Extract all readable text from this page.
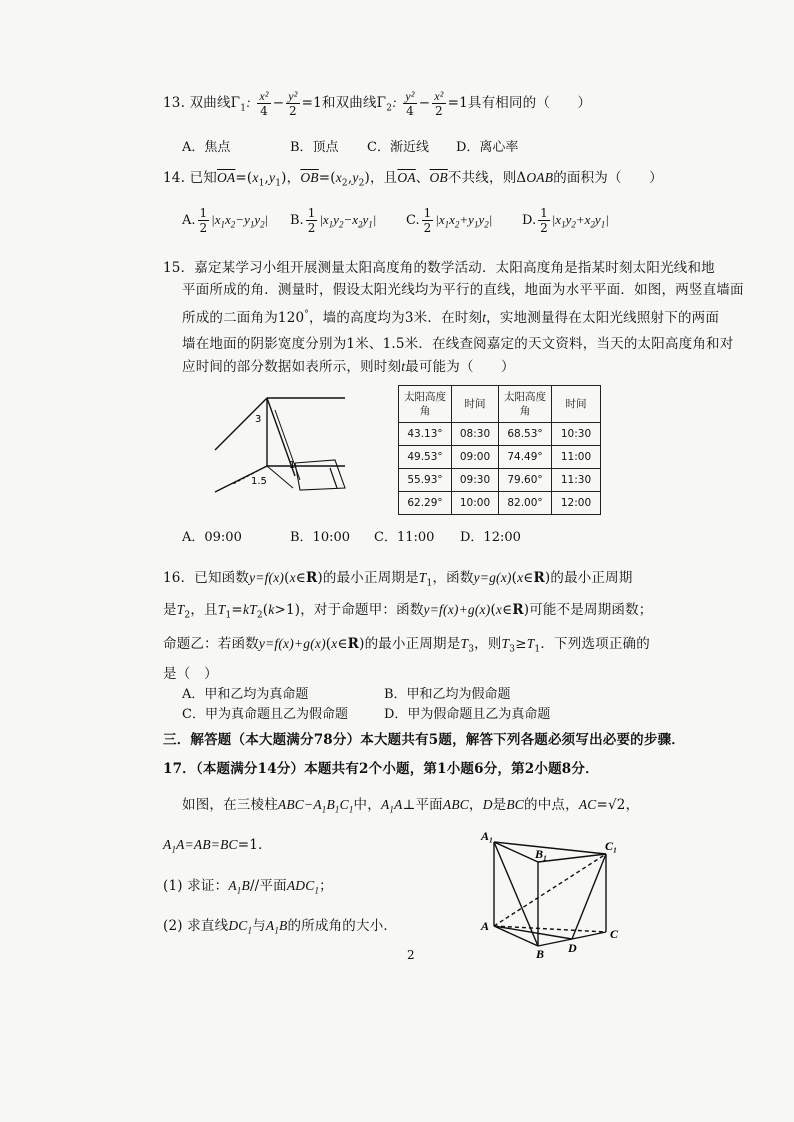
13. 双曲线$\Gamma_1$: $\frac{\text{x²}}{4} - \frac{\text{y²}}{2} =1$和双曲线$\Gamma_2$: $\frac{\text{y²}}{4} - \frac{\text{x²}}{2} =1$具有相同的（　　）
A．焦点	B．顶点 C．渐近线 D．离心率
14. 已知$\overline{OA}=(x_1,y_1)$，$\overline{OB}=(x_2,y_2)$，且$\overline{OA}$、$\overline{OB}$不共线，则ΔOAB的面积为（　　）
A. $\frac{1}{2} |x_1x_2-y_1y_2|$ B. $\frac{1}{2} |x_1y_2-x_2y_1|$ C. $\frac{1}{2} |x_1x_2+y_1y_2|$ D. $\frac{1}{2} |x_1y_2+x_2y_1|$
15．嘉定某学习小组开展测量太阳高度角的数学活动．太阳高度角是指某时刻太阳光线和地
平面所成的角．测量时，假设太阳光线均为平行的直线，地面为水平平面．如图，两竖直墙面
所成的二面角为120°，墙的高度均为3米．在时刻t，实地测量得在太阳光线照射下的两面
墙在地面的阴影宽度分别为1米、1.5米．在线查阅嘉定的天文资料，当天的太阳高度角和对
应时间的部分数据如表所示，则时刻t最可能为（　　）
3
1
1.5
太阳高度角	时间	太阳高度角	时间
43.13°	08:30	68.53°	10:30
49.53°	09:00	74.49°	11:00
55.93°	09:30	79.60°	11:30
62.29°	10:00	82.00°	12:00
A．09:00	B．10:00 C．11:00 D．12:00
16．已知函数y=f(x)(x∈R)的最小正周期是$T_1$，函数y=g(x)(x∈R)的最小正周期
是$T_2$，且$T_1=kT_2(k>1)$，对于命题甲：函数y=f(x)+g(x)(x∈R)可能不是周期函数；
命题乙：若函数y=f(x)+g(x)(x∈R)的最小正周期是$T_3$，则$T_3\ge T_1$．下列选项正确的
是（　）
A．甲和乙均为真命题	B．甲和乙均为假命题
C．甲为真命题且乙为假命题	D．甲为假命题且乙为真命题
三．解答题（本大题满分78分）本大题共有5题，解答下列各题必须写出必要的步骤．
17．（本题满分14分）本题共有2个小题，第1小题6分，第2小题8分．
如图，在三棱柱$ABC-A_1B_1C_1$中，$A_1A\perp$平面ABC，D是BC的中点，AC=√2，
$A_1A=AB=BC=1$．
(1) 求证：$A_1B//$平面$ADC_1$；
(2) 求直线$DC_1$与$A_1B$的所成角的大小．
A₁
B₁
C₁
A
B
C
D
2
